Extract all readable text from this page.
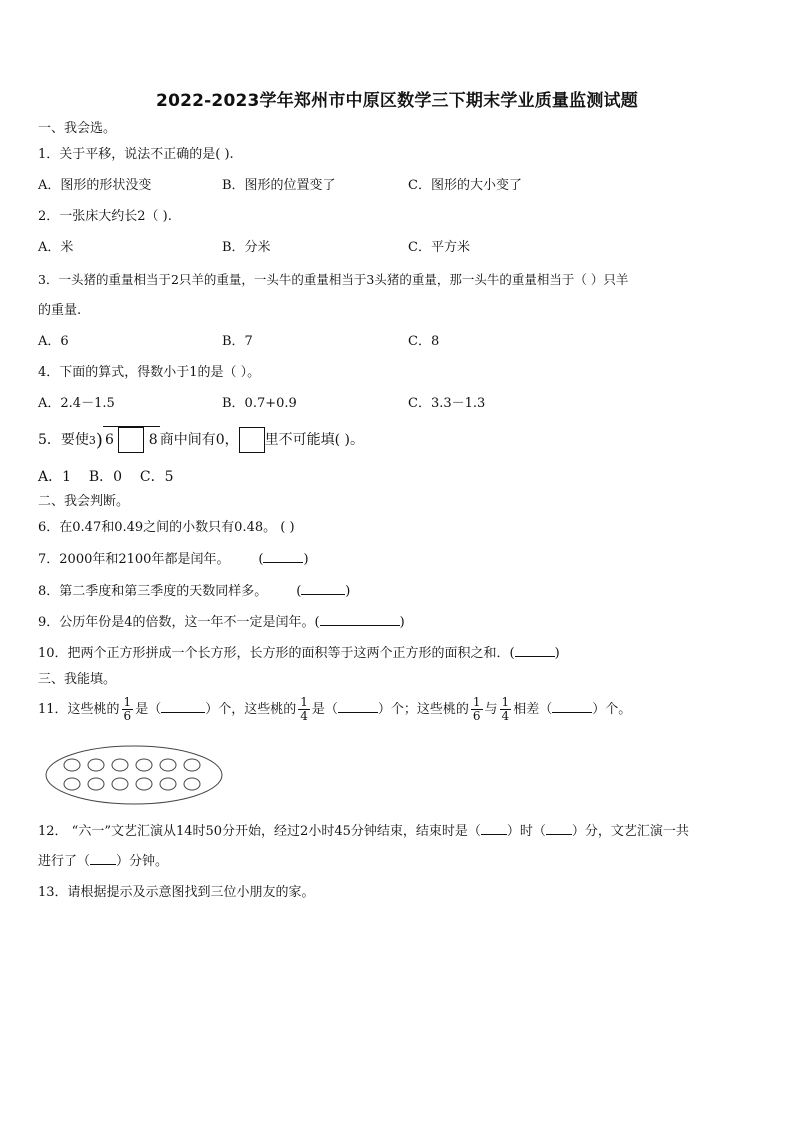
2022-2023学年郑州市中原区数学三下期末学业质量监测试题
一、我会选。
1．关于平移，说法不正确的是( ).
A．图形的形状没变	B．图形的位置变了	C．图形的大小变了
2．一张床大约长2（ ).
A．米	B．分米	C．平方米
3．一头猪的重量相当于2只羊的重量，一头牛的重量相当于3头猪的重量，那一头牛的重量相当于（ ）只羊
的重量.
A．6	B．7	C．8
4．下面的算式，得数小于1的是（ ）。
A．2.4－1.5	B．0.7+0.9	C．3.3－1.3
5．要使3) 6 8 商中间有0， 里不可能填( )。
A．1 B．0 C．5
二、我会判断。
6．在0.47和0.49之间的小数只有0.48。 ( )
7．2000年和2100年都是闰年。       (	)
8．第二季度和第三季度的天数同样多。       (	)
9．公历年份是4的倍数，这一年不一定是闰年。(	)
10．把两个正方形拼成一个长方形，长方形的面积等于这两个正方形的面积之和．(	)
三、我能填。
11．这些桃的 $\frac{1}{6}$ 是（	）个，这些桃的 $\frac{1}{4}$ 是（	）个；这些桃的 $\frac{1}{6}$ 与 $\frac{1}{4}$ 相差（	）个。
12． “六一”文艺汇演从14时50分开始，经过2小时45分钟结束，结束时是（ ）时（ ）分，文艺汇演一共
进行了（ ）分钟。
13．请根据提示及示意图找到三位小朋友的家。
